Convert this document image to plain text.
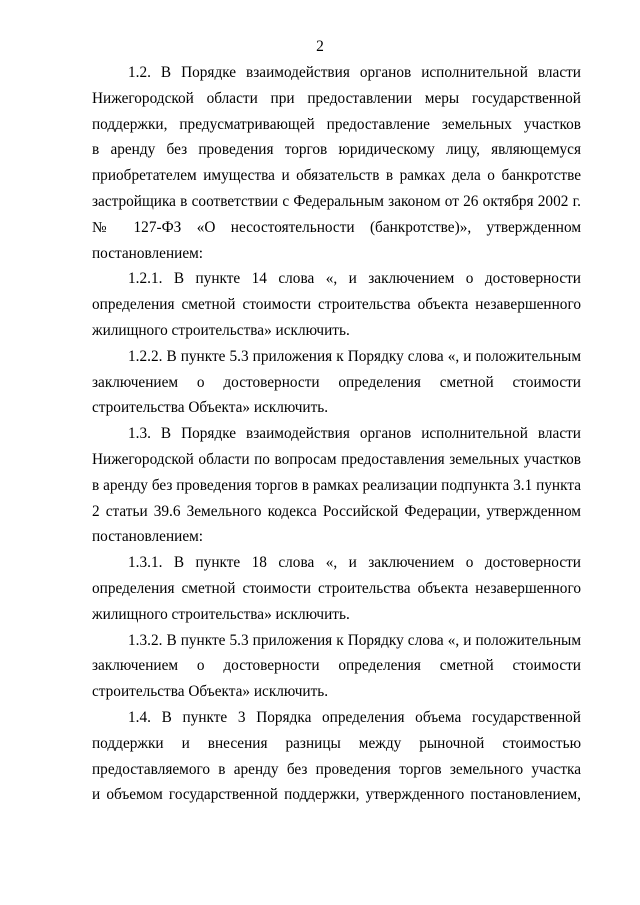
2
1.2. В Порядке взаимодействия органов исполнительной власти
Нижегородской области при предоставлении меры государственной
поддержки, предусматривающей предоставление земельных участков
в аренду без проведения торгов юридическому лицу, являющемуся
приобретателем имущества и обязательств в рамках дела о банкротстве
застройщика в соответствии с Федеральным законом от 26 октября 2002 г.
№ 127-ФЗ «О несостоятельности (банкротстве)», утвержденном
постановлением:
1.2.1. В пункте 14 слова «, и заключением о достоверности
определения сметной стоимости строительства объекта незавершенного
жилищного строительства» исключить.
1.2.2. В пункте 5.3 приложения к Порядку слова «, и положительным
заключением о достоверности определения сметной стоимости
строительства Объекта» исключить.
1.3. В Порядке взаимодействия органов исполнительной власти
Нижегородской области по вопросам предоставления земельных участков
в аренду без проведения торгов в рамках реализации подпункта 3.1 пункта
2 статьи 39.6 Земельного кодекса Российской Федерации, утвержденном
постановлением:
1.3.1. В пункте 18 слова «, и заключением о достоверности
определения сметной стоимости строительства объекта незавершенного
жилищного строительства» исключить.
1.3.2. В пункте 5.3 приложения к Порядку слова «, и положительным
заключением о достоверности определения сметной стоимости
строительства Объекта» исключить.
1.4. В пункте 3 Порядка определения объема государственной
поддержки и внесения разницы между рыночной стоимостью
предоставляемого в аренду без проведения торгов земельного участка
и объемом государственной поддержки, утвержденного постановлением,
